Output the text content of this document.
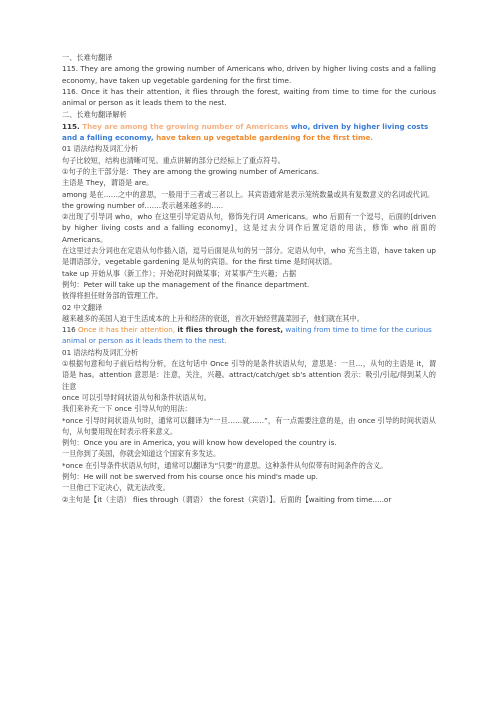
一、长难句翻译
115. They are among the growing number of Americans who, driven by higher living costs and a falling economy, have taken up vegetable gardening for the first time.
116. Once it has their attention, it flies through the forest, waiting from time to time for the curious animal or person as it leads them to the nest.
二、长难句翻译解析
115. They are among the growing number of Americans who, driven by higher living costs and a falling economy, have taken up vegetable gardening for the first time.
01 语法结构及词汇分析
句子比较短，结构也清晰可见。重点讲解的部分已经标上了重点符号。
①句子的主干部分是：They are among the growing number of Americans.
主语是 They，谓语是 are。
among 是在……之中的意思，一般用于三者或三者以上。其宾语通常是表示笼统数量或具有复数意义的名词或代词。
the growing number of…….表示越来越多的…..
②出现了引导词 who，who 在这里引导定语从句，修饰先行词 Americans。who 后面有一个逗号，后面的[driven by higher living costs and a falling economy]，这是过去分词作后置定语的用法，修饰 who 前面的 Americans。
在这里过去分词也在定语从句作插入语，逗号后面是从句的另一部分。定语从句中，who 充当主语，have taken up 是谓语部分，vegetable gardening 是从句的宾语。for the first time 是时间状语。
take up 开始从事（新工作）；开始花时间做某事；对某事产生兴趣；占据
例句：Peter will take up the management of the finance department.
彼得将担任财务部的管理工作。
02 中文翻译
越来越多的美国人迫于生活成本的上升和经济的衰退，首次开始经营蔬菜园子，他们就在其中。
116 Once it has their attention, it flies through the forest, waiting from time to time for the curious animal or person as it leads them to the nest.
01 语法结构及词汇分析
①根据句意和句子前后结构分析，在这句话中 Once 引导的是条件状语从句，意思是：一旦…，从句的主语是 it，谓语是 has。attention 意思是：注意，关注，兴趣。attract/catch/get sb's attention 表示：吸引/引起/得到某人的注意
once 可以引导时间状语从句和条件状语从句。
我们来补充一下 once 引导从句的用法：
*once 引导时间状语从句时，通常可以翻译为“一旦……就……”，有一点需要注意的是，由 once 引导的时间状语从句，从句要用现在时表示将来意义。
例句：Once you are in America, you will know how developed the country is.
一旦你到了美国，你就会知道这个国家有多发达。
*once 在引导条件状语从句时，通常可以翻译为“只要”的意思。这种条件从句似带有时间条件的含义。
例句：He will not be swerved from his course once his mind's made up.
一旦他已下定决心，就无法改变。
②主句是【it（主语） flies through（谓语） the forest（宾语）】。后面的【waiting from time.....or
